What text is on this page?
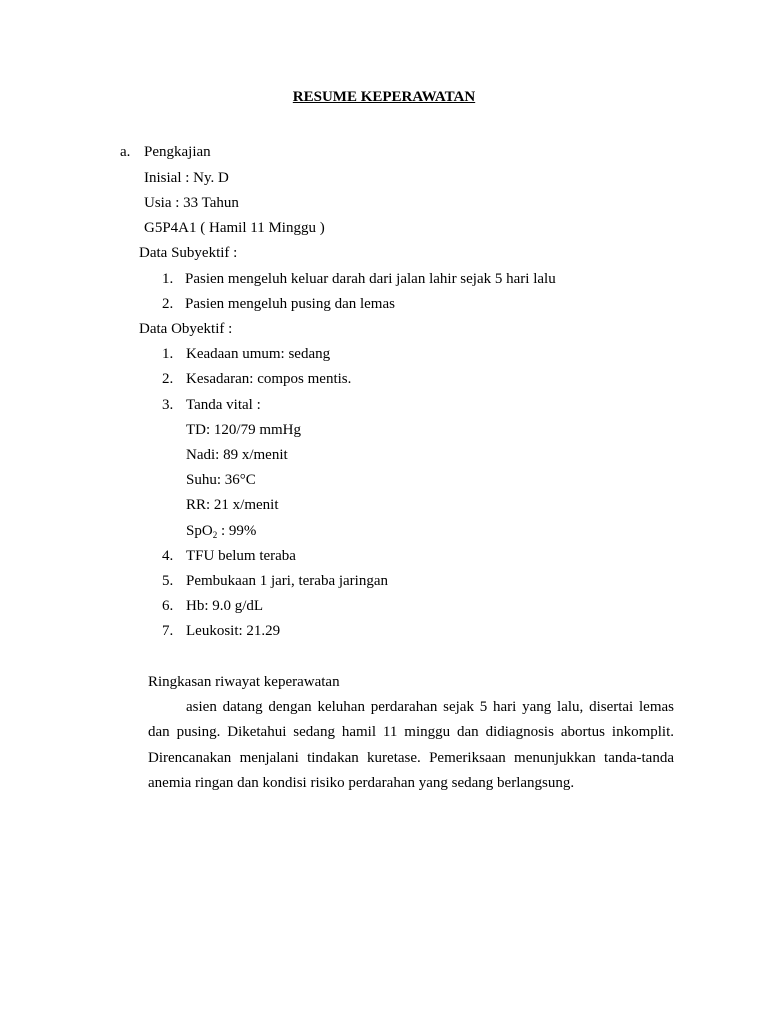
RESUME KEPERAWATAN
a. Pengkajian
Inisial : Ny. D
Usia : 33 Tahun
G5P4A1 ( Hamil 11 Minggu )
Data Subyektif :
1. Pasien mengeluh keluar darah dari jalan lahir sejak 5 hari lalu
2. Pasien mengeluh pusing dan lemas
Data Obyektif :
1. Keadaan umum: sedang
2. Kesadaran: compos mentis.
3. Tanda vital :
TD: 120/79 mmHg
Nadi: 89 x/menit
Suhu: 36°C
RR: 21 x/menit
SpO$_2$ : 99%
4. TFU belum teraba
5. Pembukaan 1 jari, teraba jaringan
6. Hb: 9.0 g/dL
7. Leukosit: 21.29
Ringkasan riwayat keperawatan
asien datang dengan keluhan perdarahan sejak 5 hari yang lalu, disertai lemas dan pusing. Diketahui sedang hamil 11 minggu dan didiagnosis abortus inkomplit. Direncanakan menjalani tindakan kuretase. Pemeriksaan menunjukkan tanda-tanda anemia ringan dan kondisi risiko perdarahan yang sedang berlangsung.
